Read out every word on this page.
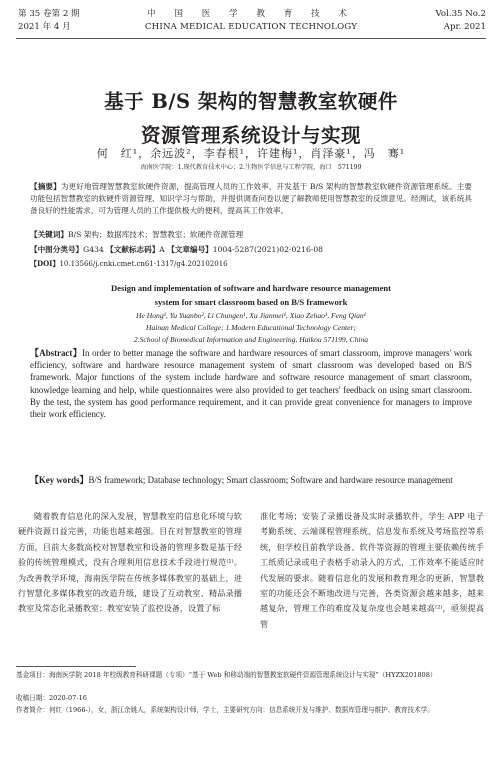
第 35 卷第 2 期
2021 年 4 月
中 国 医 学 教 育 技 术
CHINA MEDICAL EDUCATION TECHNOLOGY
Vol.35 No.2
Apr. 2021
基于 B/S 架构的智慧教室软硬件
资源管理系统设计与实现
何　红¹，余远波²，李春根¹，许建梅¹，肖泽豪¹，冯　骞¹
海南医学院：1.现代教育技术中心；2.生物医学信息与工程学院，海口　571199
【摘要】为更好地管理智慧教室软硬件资源，提高管理人员的工作效率，开发基于 B/S 架构的智慧教室软硬件资源管理系统。主要功能包括智慧教室的软硬件资源管理、知识学习与帮助，并提供调查问卷以便了解教师使用智慧教室的反馈意见。经测试，该系统具备良好的性能需求，可为管理人员的工作提供极大的便利，提高其工作效率。
【关键词】B/S 架构；数据库技术；智慧教室；软硬件资源管理
【中图分类号】G434 【文献标志码】A 【文章编号】1004-5287(2021)02-0216-08
【DOI】10.13566/j.cnki.cmet.cn61-1317/g4.202102016
Design and implementation of software and hardware resource management
system for smart classroom based on B/S framework
He Hong¹, Yu Yuanbo², Li Chungen¹, Xu Jianmei¹, Xiao Zehao¹, Feng Qian¹
Hainan Medical College; 1.Modern Educational Technology Center;
2.School of Biomedical Information and Engineering, Haikou 571199, China
【Abstract】In order to better manage the software and hardware resources of smart classroom, improve managers' work efficiency, software and hardware resource management system of smart classroom was developed based on B/S framework. Major functions of the system include hardware and software resource management of smart classroom, knowledge learning and help, while questionnaires were also provided to get teachers' feedback on using smart classroom. By the test, the system has good performance requirement, and it can provide great convenience for managers to improve their work efficiency.
【Key words】B/S framework; Database technology; Smart classroom; Software and hardware resource management
随着教育信息化的深入发展，智慧教室的信息化环境与软硬件资源日益完善，功能也越来越强。目在对智慧教室的管理方面，目前大多数高校对智慧教室和设备的管理多数是基于经验的传统管理模式，没有合理利用信息技术手段进行规范⁽¹⁾。为改善教学环境，海南医学院在传统多媒体教室的基础上，进行智慧化多媒体教室的改造升级，建设了互动教室、精品录播教室及常态化录播教室；教室安装了监控设备，设置了标
准化考场；安装了录播设备及实时录播软件，学生 APP 电子考勤系统、云端课程管理系统、信息发布系统及考场监控等系统，但学校目前教学设备、软件等资源的管理主要依赖传统手工纸质记录或电子表格手动录入的方式，工作效率不能适应时代发展的要求。随着信息化的发展和教育理念的更新，智慧教室的功能还会不断地改进与完善，各类资源会越来越多，越来越复杂，管理工作的难度及复杂度也会越来越高⁽²⁾，亟须提高管
基金项目：海南医学院 2018 年校级教育科研课题（专项）“基于 Web 和移动端的智慧教室软硬件资源管理系统设计与实现”（HYZX201808）
收稿日期：2020-07-16
作者简介：何红（1966-），女，浙江余姚人，系统架构设计师，学士，主要研究方向：信息系统开发与维护、数据库管理与维护、教育技术学。
